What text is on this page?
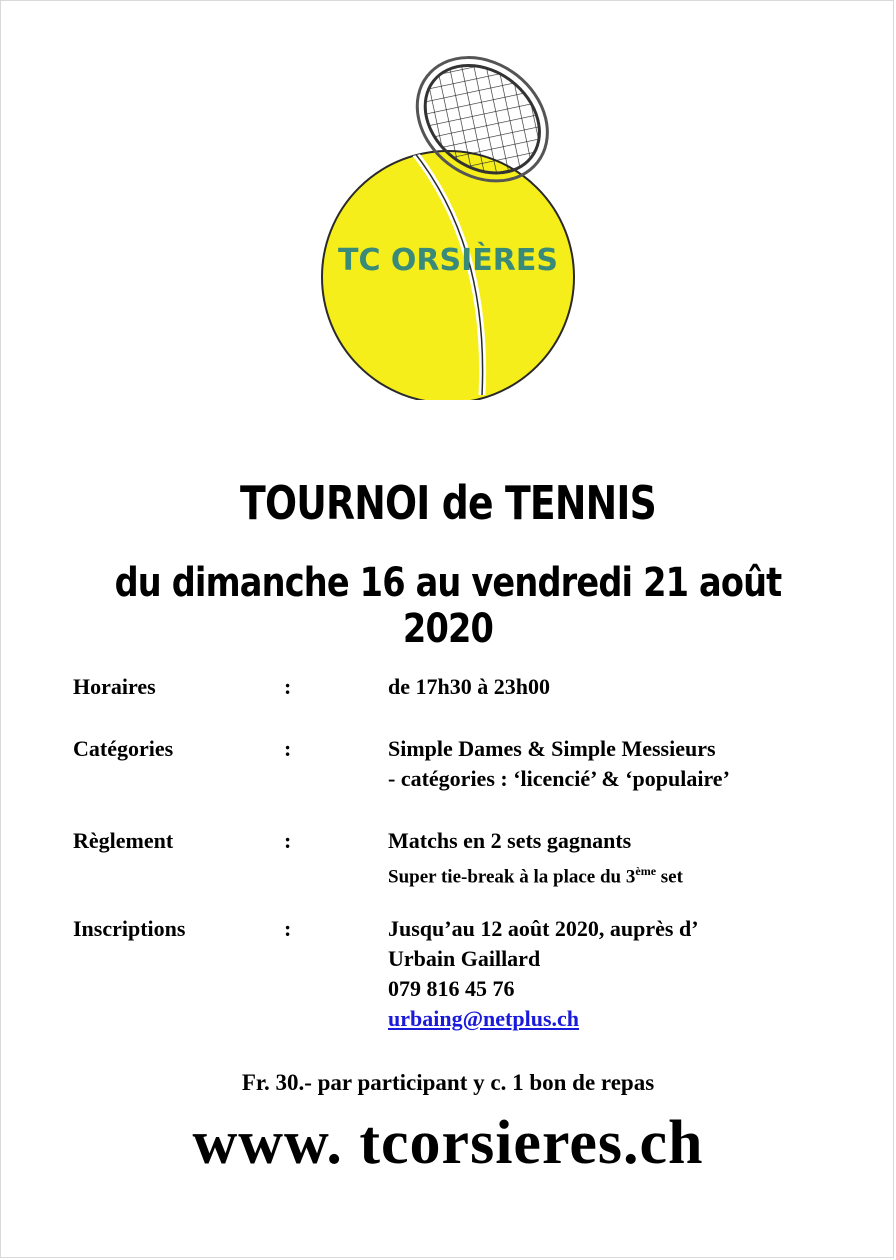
TC ORSIÈRES
TOURNOI de TENNIS
du dimanche 16 au vendredi 21 août 2020
Horaires	:	de 17h30 à 23h00
Catégories	:	Simple Dames & Simple Messieurs
- catégories : ‘licencié’ & ‘populaire’
Règlement	:	Matchs en 2 sets gagnants
Super tie-break à la place du 3ème set
Inscriptions	:	Jusqu’au 12 août 2020, auprès d’
Urbain Gaillard
079 816 45 76
urbaing@netplus.ch
Fr. 30.- par participant y c. 1 bon de repas
www. tcorsieres.ch
